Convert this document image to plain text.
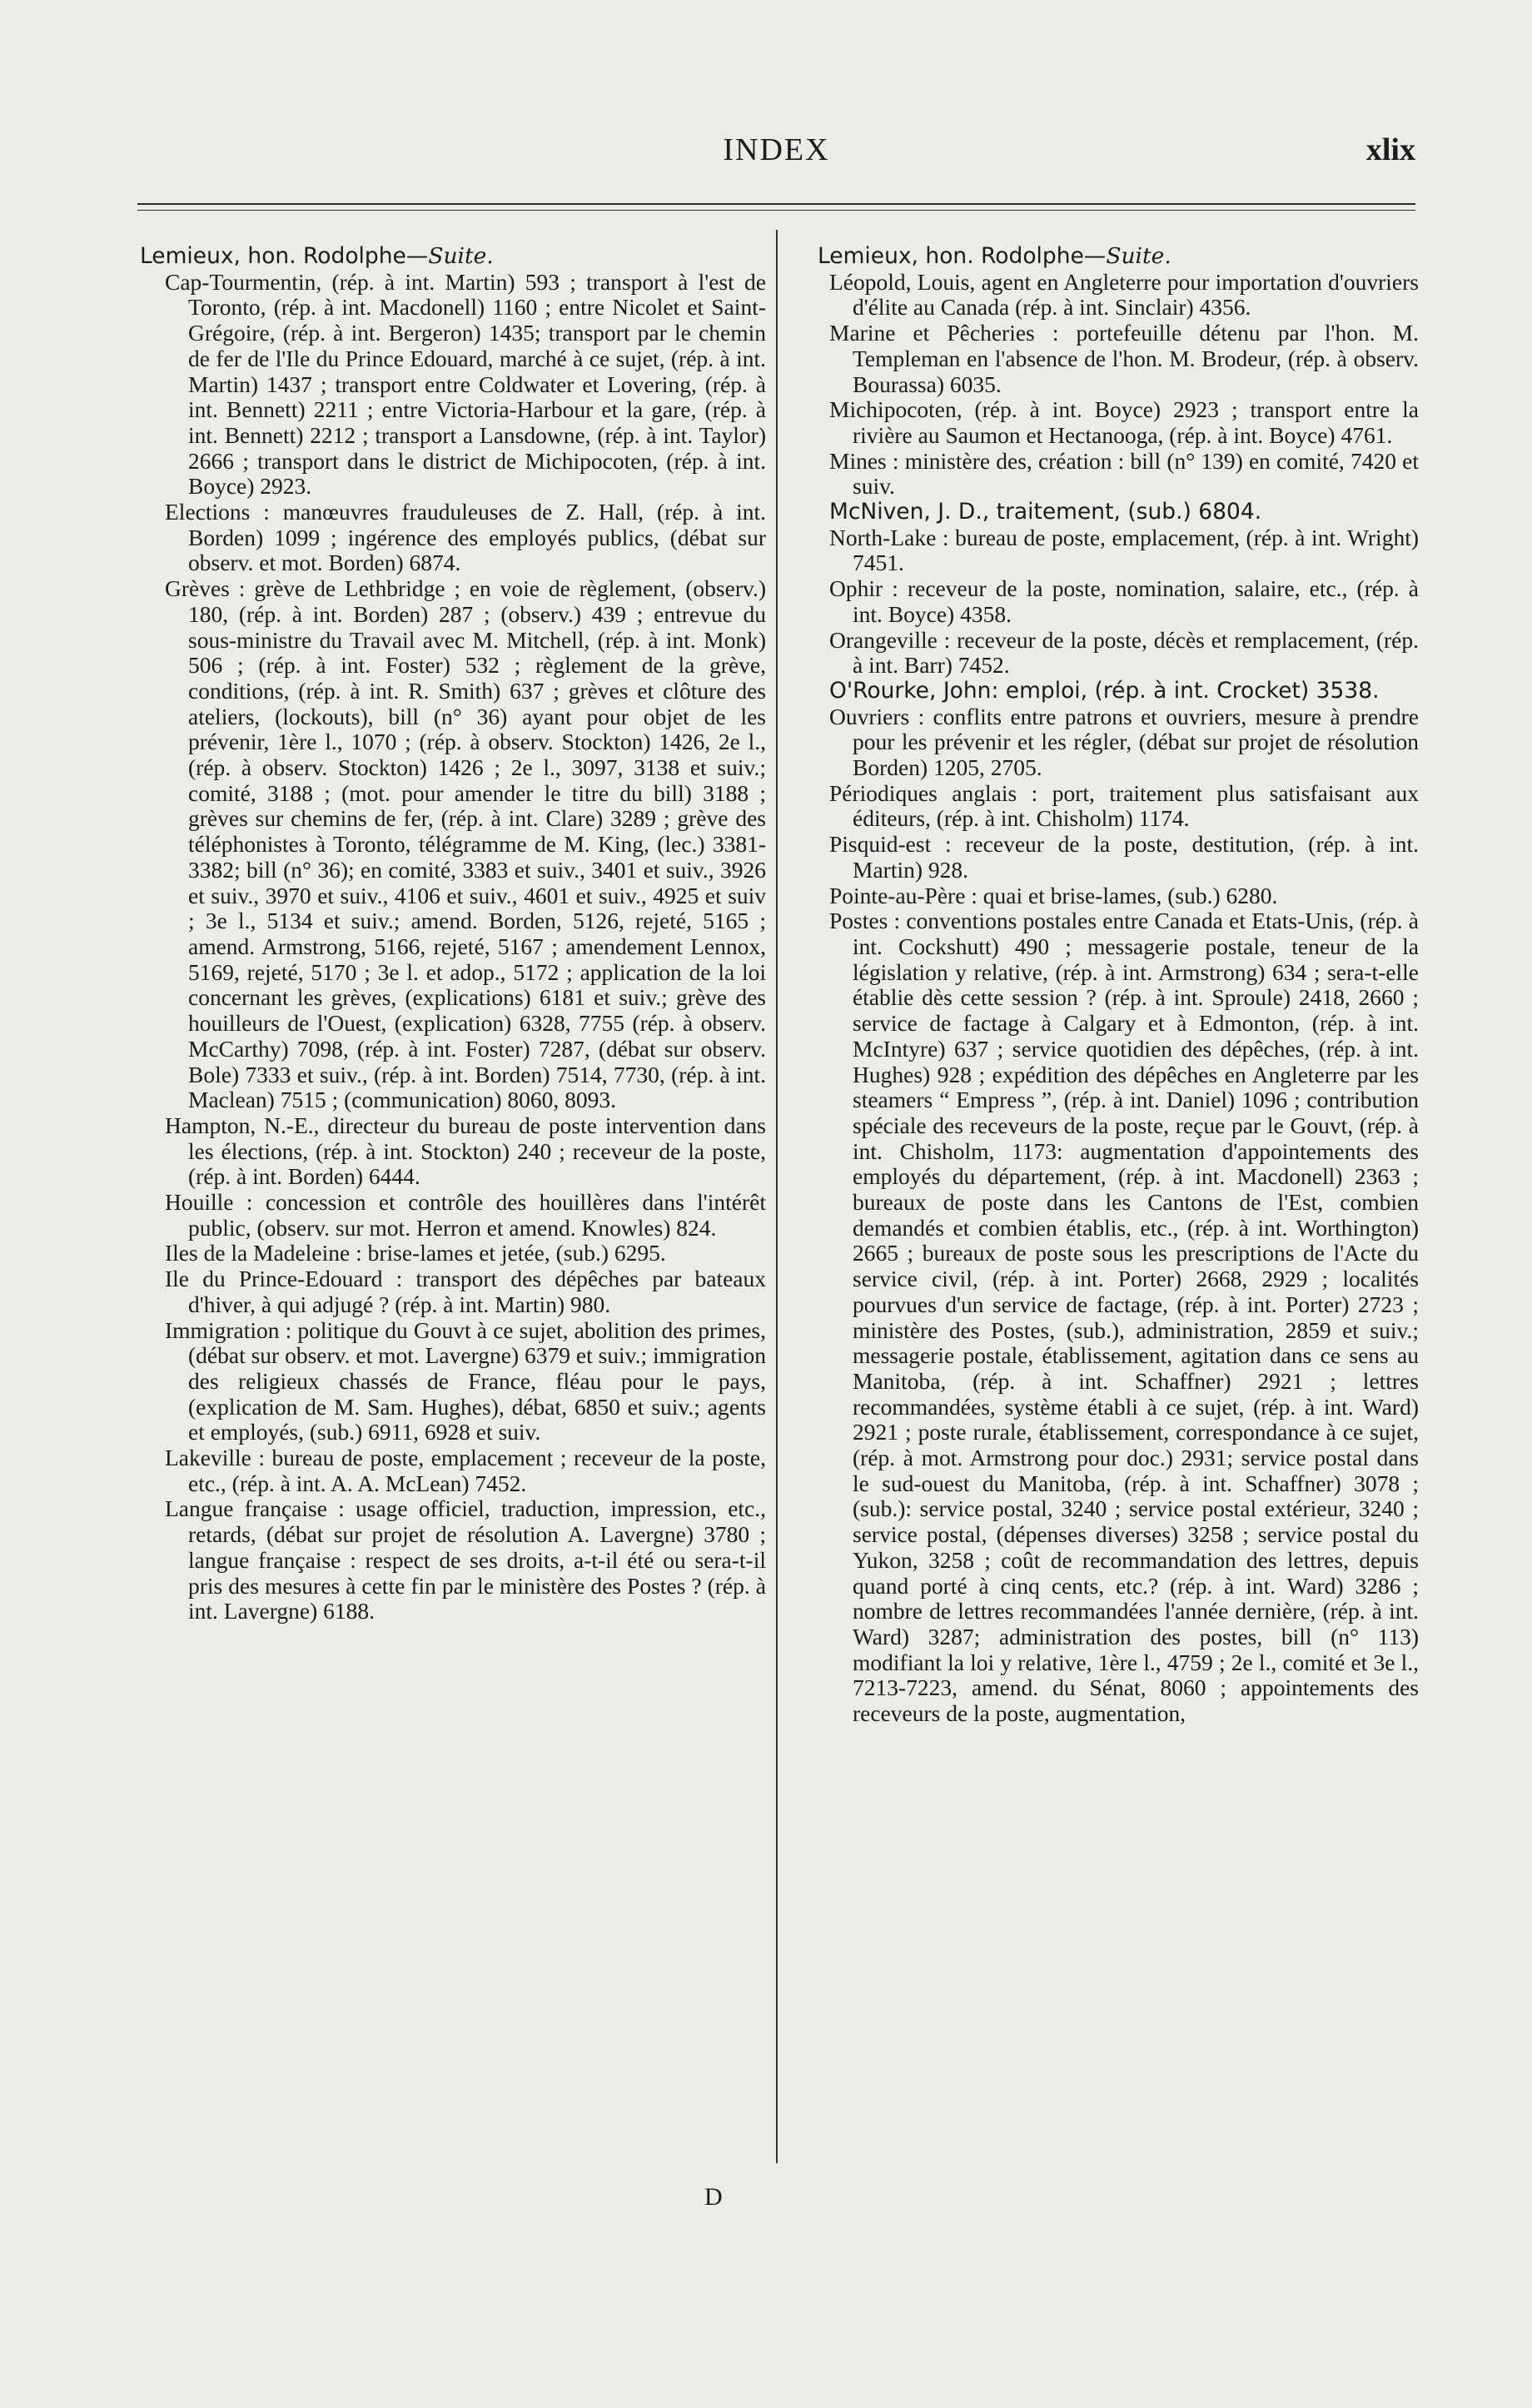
INDEX	xlix

Lemieux, hon. Rodolphe—Suite.

Cap-Tourmentin, (rép. à int. Martin) 593 ; transport à l'est de Toronto, (rép. à int. Macdonell) 1160 ; entre Nicolet et Saint-Grégoire, (rép. à int. Bergeron) 1435; transport par le chemin de fer de l'Ile du Prince Edouard, marché à ce sujet, (rép. à int. Martin) 1437 ; transport entre Coldwater et Lovering, (rép. à int. Bennett) 2211 ; entre Victoria-Harbour et la gare, (rép. à int. Bennett) 2212 ; transport a Lansdowne, (rép. à int. Taylor) 2666 ; transport dans le district de Michipocoten, (rép. à int. Boyce) 2923.

Elections : manœuvres frauduleuses de Z. Hall, (rép. à int. Borden) 1099 ; ingérence des employés publics, (débat sur observ. et mot. Borden) 6874.

Grèves : grève de Lethbridge ; en voie de règlement, (observ.) 180, (rép. à int. Borden) 287 ; (observ.) 439 ; entrevue du sous-ministre du Travail avec M. Mitchell, (rép. à int. Monk) 506 ; (rép. à int. Foster) 532 ; règlement de la grève, conditions, (rép. à int. R. Smith) 637 ; grèves et clôture des ateliers, (lockouts), bill (n° 36) ayant pour objet de les prévenir, 1ère l., 1070 ; (rép. à observ. Stockton) 1426, 2e l., (rép. à observ. Stockton) 1426 ; 2e l., 3097, 3138 et suiv.; comité, 3188 ; (mot. pour amender le titre du bill) 3188 ; grèves sur chemins de fer, (rép. à int. Clare) 3289 ; grève des téléphonistes à Toronto, télégramme de M. King, (lec.) 3381-3382; bill (n° 36); en comité, 3383 et suiv., 3401 et suiv., 3926 et suiv., 3970 et suiv., 4106 et suiv., 4601 et suiv., 4925 et suiv ; 3e l., 5134 et suiv.; amend. Borden, 5126, rejeté, 5165 ; amend. Armstrong, 5166, rejeté, 5167 ; amendement Lennox, 5169, rejeté, 5170 ; 3e l. et adop., 5172 ; application de la loi concernant les grèves, (explications) 6181 et suiv.; grève des houilleurs de l'Ouest, (explication) 6328, 7755 (rép. à observ. McCarthy) 7098, (rép. à int. Foster) 7287, (débat sur observ. Bole) 7333 et suiv., (rép. à int. Borden) 7514, 7730, (rép. à int. Maclean) 7515 ; (communication) 8060, 8093.

Hampton, N.-E., directeur du bureau de poste intervention dans les élections, (rép. à int. Stockton) 240 ; receveur de la poste, (rép. à int. Borden) 6444.

Houille : concession et contrôle des houillères dans l'intérêt public, (observ. sur mot. Herron et amend. Knowles) 824.

Iles de la Madeleine : brise-lames et jetée, (sub.) 6295.

Ile du Prince-Edouard : transport des dépêches par bateaux d'hiver, à qui adjugé ? (rép. à int. Martin) 980.

Immigration : politique du Gouvt à ce sujet, abolition des primes, (débat sur observ. et mot. Lavergne) 6379 et suiv.; immigration des religieux chassés de France, fléau pour le pays, (explication de M. Sam. Hughes), débat, 6850 et suiv.; agents et employés, (sub.) 6911, 6928 et suiv.

Lakeville : bureau de poste, emplacement ; receveur de la poste, etc., (rép. à int. A. A. McLean) 7452.

Langue française : usage officiel, traduction, impression, etc., retards, (débat sur projet de résolution A. Lavergne) 3780 ; langue française : respect de ses droits, a-t-il été ou sera-t-il pris des mesures à cette fin par le ministère des Postes ? (rép. à int. Lavergne) 6188.

Lemieux, hon. Rodolphe—Suite.

Léopold, Louis, agent en Angleterre pour importation d'ouvriers d'élite au Canada (rép. à int. Sinclair) 4356.

Marine et Pêcheries : portefeuille détenu par l'hon. M. Templeman en l'absence de l'hon. M. Brodeur, (rép. à observ. Bourassa) 6035.

Michipocoten, (rép. à int. Boyce) 2923 ; transport entre la rivière au Saumon et Hectanooga, (rép. à int. Boyce) 4761.

Mines : ministère des, création : bill (n° 139) en comité, 7420 et suiv.

McNiven, J. D., traitement, (sub.) 6804.

North-Lake : bureau de poste, emplacement, (rép. à int. Wright) 7451.

Ophir : receveur de la poste, nomination, salaire, etc., (rép. à int. Boyce) 4358.

Orangeville : receveur de la poste, décès et remplacement, (rép. à int. Barr) 7452.

O'Rourke, John: emploi, (rép. à int. Crocket) 3538.

Ouvriers : conflits entre patrons et ouvriers, mesure à prendre pour les prévenir et les régler, (débat sur projet de résolution Borden) 1205, 2705.

Périodiques anglais : port, traitement plus satisfaisant aux éditeurs, (rép. à int. Chisholm) 1174.

Pisquid-est : receveur de la poste, destitution, (rép. à int. Martin) 928.

Pointe-au-Père : quai et brise-lames, (sub.) 6280.

Postes : conventions postales entre Canada et Etats-Unis, (rép. à int. Cockshutt) 490 ; messagerie postale, teneur de la législation y relative, (rép. à int. Armstrong) 634 ; sera-t-elle établie dès cette session ? (rép. à int. Sproule) 2418, 2660 ; service de factage à Calgary et à Edmonton, (rép. à int. McIntyre) 637 ; service quotidien des dépêches, (rép. à int. Hughes) 928 ; expédition des dépêches en Angleterre par les steamers “ Empress ”, (rép. à int. Daniel) 1096 ; contribution spéciale des receveurs de la poste, reçue par le Gouvt, (rép. à int. Chisholm, 1173: augmentation d'appointements des employés du département, (rép. à int. Macdonell) 2363 ; bureaux de poste dans les Cantons de l'Est, combien demandés et combien établis, etc., (rép. à int. Worthington) 2665 ; bureaux de poste sous les prescriptions de l'Acte du service civil, (rép. à int. Porter) 2668, 2929 ; localités pourvues d'un service de factage, (rép. à int. Porter) 2723 ; ministère des Postes, (sub.), administration, 2859 et suiv.; messagerie postale, établissement, agitation dans ce sens au Manitoba, (rép. à int. Schaffner) 2921 ; lettres recommandées, système établi à ce sujet, (rép. à int. Ward) 2921 ; poste rurale, établissement, correspondance à ce sujet, (rép. à mot. Armstrong pour doc.) 2931; service postal dans le sud-ouest du Manitoba, (rép. à int. Schaffner) 3078 ; (sub.): service postal, 3240 ; service postal extérieur, 3240 ; service postal, (dépenses diverses) 3258 ; service postal du Yukon, 3258 ; coût de recommandation des lettres, depuis quand porté à cinq cents, etc.? (rép. à int. Ward) 3286 ; nombre de lettres recommandées l'année dernière, (rép. à int. Ward) 3287; administration des postes, bill (n° 113) modifiant la loi y relative, 1ère l., 4759 ; 2e l., comité et 3e l., 7213-7223, amend. du Sénat, 8060 ; appointements des receveurs de la poste, augmentation,

D
